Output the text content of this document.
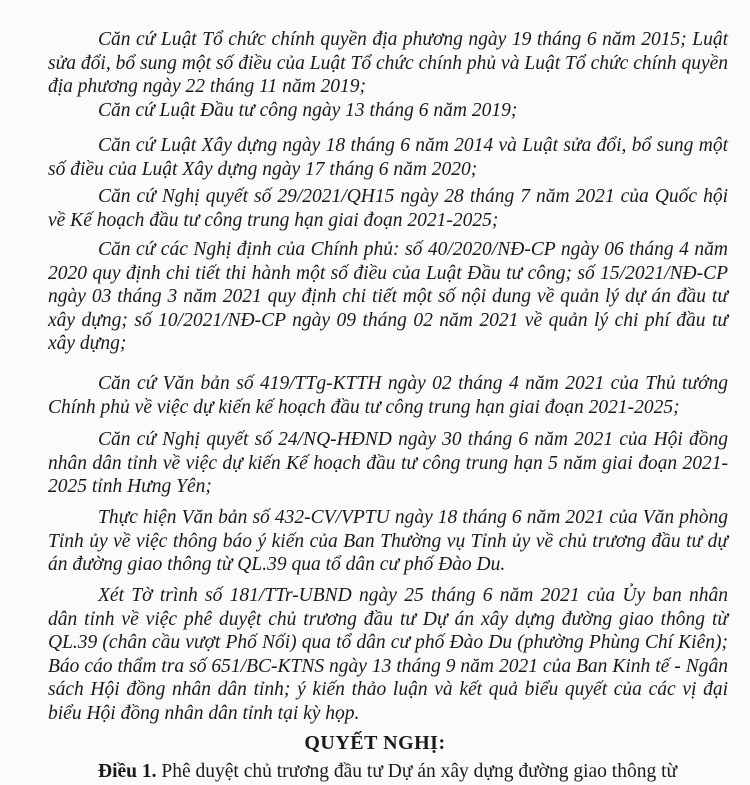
Căn cứ Luật Tổ chức chính quyền địa phương ngày 19 tháng 6 năm 2015; Luật sửa đổi, bổ sung một số điều của Luật Tổ chức chính phủ và Luật Tổ chức chính quyền địa phương ngày 22 tháng 11 năm 2019;

Căn cứ Luật Đầu tư công ngày 13 tháng 6 năm 2019;

Căn cứ Luật Xây dựng ngày 18 tháng 6 năm 2014 và Luật sửa đổi, bổ sung một số điều của Luật Xây dựng ngày 17 tháng 6 năm 2020;

Căn cứ Nghị quyết số 29/2021/QH15 ngày 28 tháng 7 năm 2021 của Quốc hội về Kế hoạch đầu tư công trung hạn giai đoạn 2021-2025;

Căn cứ các Nghị định của Chính phủ: số 40/2020/NĐ-CP ngày 06 tháng 4 năm 2020 quy định chi tiết thi hành một số điều của Luật Đầu tư công; số 15/2021/NĐ-CP ngày 03 tháng 3 năm 2021 quy định chi tiết một số nội dung về quản lý dự án đầu tư xây dựng; số 10/2021/NĐ-CP ngày 09 tháng 02 năm 2021 về quản lý chi phí đầu tư xây dựng;

Căn cứ Văn bản số 419/TTg-KTTH ngày 02 tháng 4 năm 2021 của Thủ tướng Chính phủ về việc dự kiến kế hoạch đầu tư công trung hạn giai đoạn 2021-2025;

Căn cứ Nghị quyết số 24/NQ-HĐND ngày 30 tháng 6 năm 2021 của Hội đồng nhân dân tỉnh về việc dự kiến Kế hoạch đầu tư công trung hạn 5 năm giai đoạn 2021-2025 tỉnh Hưng Yên;

Thực hiện Văn bản số 432-CV/VPTU ngày 18 tháng 6 năm 2021 của Văn phòng Tỉnh ủy về việc thông báo ý kiến của Ban Thường vụ Tỉnh ủy về chủ trương đầu tư dự án đường giao thông từ QL.39 qua tổ dân cư phố Đào Du.

Xét Tờ trình số 181/TTr-UBND ngày 25 tháng 6 năm 2021 của Ủy ban nhân dân tỉnh về việc phê duyệt chủ trương đầu tư Dự án xây dựng đường giao thông từ QL.39 (chân cầu vượt Phố Nối) qua tổ dân cư phố Đào Du (phường Phùng Chí Kiên); Báo cáo thẩm tra số 651/BC-KTNS ngày 13 tháng 9 năm 2021 của Ban Kinh tế - Ngân sách Hội đồng nhân dân tỉnh; ý kiến thảo luận và kết quả biểu quyết của các vị đại biểu Hội đồng nhân dân tỉnh tại kỳ họp.

QUYẾT NGHỊ:

Điều 1. Phê duyệt chủ trương đầu tư Dự án xây dựng đường giao thông từ
